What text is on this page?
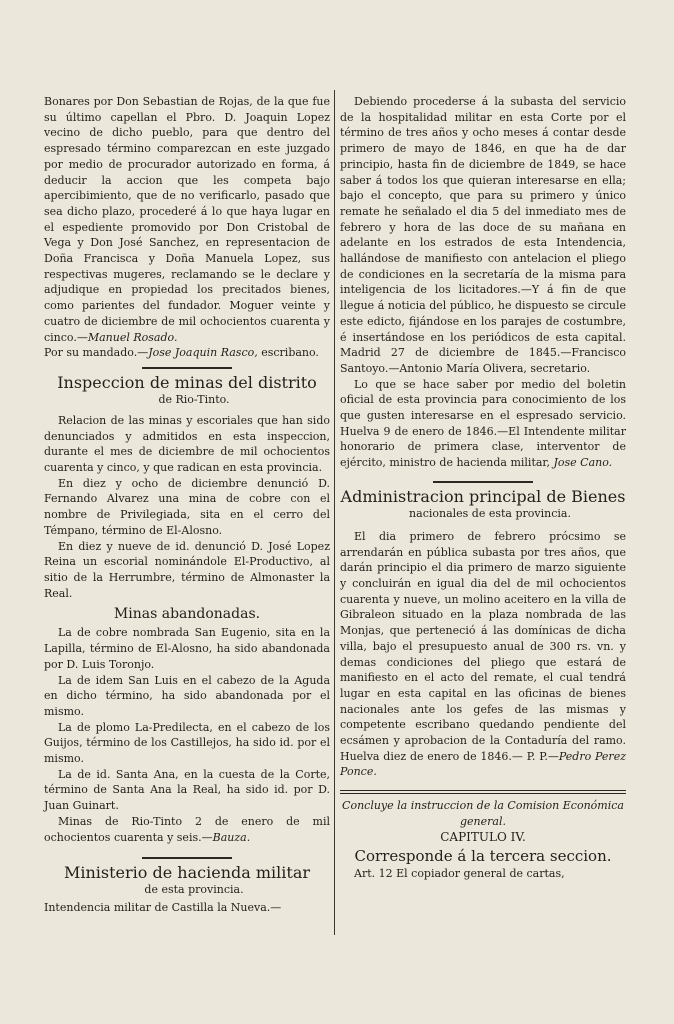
Bonares por Don Sebastian de Rojas, de la que fue su último capellan el Pbro. D. Joaquin Lopez vecino de dicho pueblo, para que dentro del espresado término comparezcan en este juzgado por medio de procurador autorizado en forma, á deducir la accion que les competa bajo apercibimiento, que de no verificarlo, pasado que sea dicho plazo, procederé á lo que haya lugar en el espediente promovido por Don Cristobal de Vega y Don José Sanchez, en representacion de Doña Francisca y Doña Manuela Lopez, sus respectivas mugeres, reclamando se le declare y adjudique en propiedad los precitados bienes, como parientes del fundador. Moguer veinte y cuatro de diciembre de mil ochocientos cuarenta y cinco.—Manuel Rosado.

Por su mandado.—Jose Joaquin Rasco, escribano.

Inspeccion de minas del distrito

de Rio-Tinto.

Relacion de las minas y escoriales que han sido denunciados y admitidos en esta inspeccion, durante el mes de diciembre de mil ochocientos cuarenta y cinco, y que radican en esta provincia.

En diez y ocho de diciembre denunció D. Fernando Alvarez una mina de cobre con el nombre de Privilegiada, sita en el cerro del Témpano, término de El-Alosno.

En diez y nueve de id. denunció D. José Lopez Reina un escorial nominándole El-Productivo, al sitio de la Herrumbre, término de Almonaster la Real.

Minas abandonadas.

La de cobre nombrada San Eugenio, sita en la Lapilla, término de El-Alosno, ha sido abandonada por D. Luis Toronjo.

La de idem San Luis en el cabezo de la Aguda en dicho término, ha sido abandonada por el mismo.

La de plomo La-Predilecta, en el cabezo de los Guijos, término de los Castillejos, ha sido id. por el mismo.

La de id. Santa Ana, en la cuesta de la Corte, término de Santa Ana la Real, ha sido id. por D. Juan Guinart.

Minas de Rio-Tinto 2 de enero de mil ochocientos cuarenta y seis.—Bauza.

Ministerio de hacienda militar

de esta provincia.

Intendencia militar de Castilla la Nueva.—

Debiendo procederse á la subasta del servicio de la hospitalidad militar en esta Corte por el término de tres años y ocho meses á contar desde primero de mayo de 1846, en que ha de dar principio, hasta fin de diciembre de 1849, se hace saber á todos los que quieran interesarse en ella; bajo el concepto, que para su primero y único remate he señalado el dia 5 del inmediato mes de febrero y hora de las doce de su mañana en adelante en los estrados de esta Intendencia, hallándose de manifiesto con antelacion el pliego de condiciones en la secretaría de la misma para inteligencia de los licitadores.—Y á fin de que llegue á noticia del público, he dispuesto se circule este edicto, fijándose en los parajes de costumbre, é insertándose en los periódicos de esta capital. Madrid 27 de diciembre de 1845.—Francisco Santoyo.—Antonio María Olivera, secretario.

Lo que se hace saber por medio del boletin oficial de esta provincia para conocimiento de los que gusten interesarse en el espresado servicio. Huelva 9 de enero de 1846.—El Intendente militar honorario de primera clase, interventor de ejército, ministro de hacienda militar, Jose Cano.

Administracion principal de Bienes

nacionales de esta provincia.

El dia primero de febrero prócsimo se arrendarán en pública subasta por tres años, que darán principio el dia primero de marzo siguiente y concluirán en igual dia del de mil ochocientos cuarenta y nueve, un molino aceitero en la villa de Gibraleon situado en la plaza nombrada de las Monjas, que perteneció á las domínicas de dicha villa, bajo el presupuesto anual de 300 rs. vn. y demas condiciones del pliego que estará de manifiesto en el acto del remate, el cual tendrá lugar en esta capital en las oficinas de bienes nacionales ante los gefes de las mismas y competente escribano quedando pendiente del ecsámen y aprobacion de la Contaduría del ramo. Huelva diez de enero de 1846.— P. P.—Pedro Perez Ponce.

Concluye la instruccion de la Comision Económica general.

CAPITULO IV.

Corresponde á la tercera seccion.

Art. 12 El copiador general de cartas,
